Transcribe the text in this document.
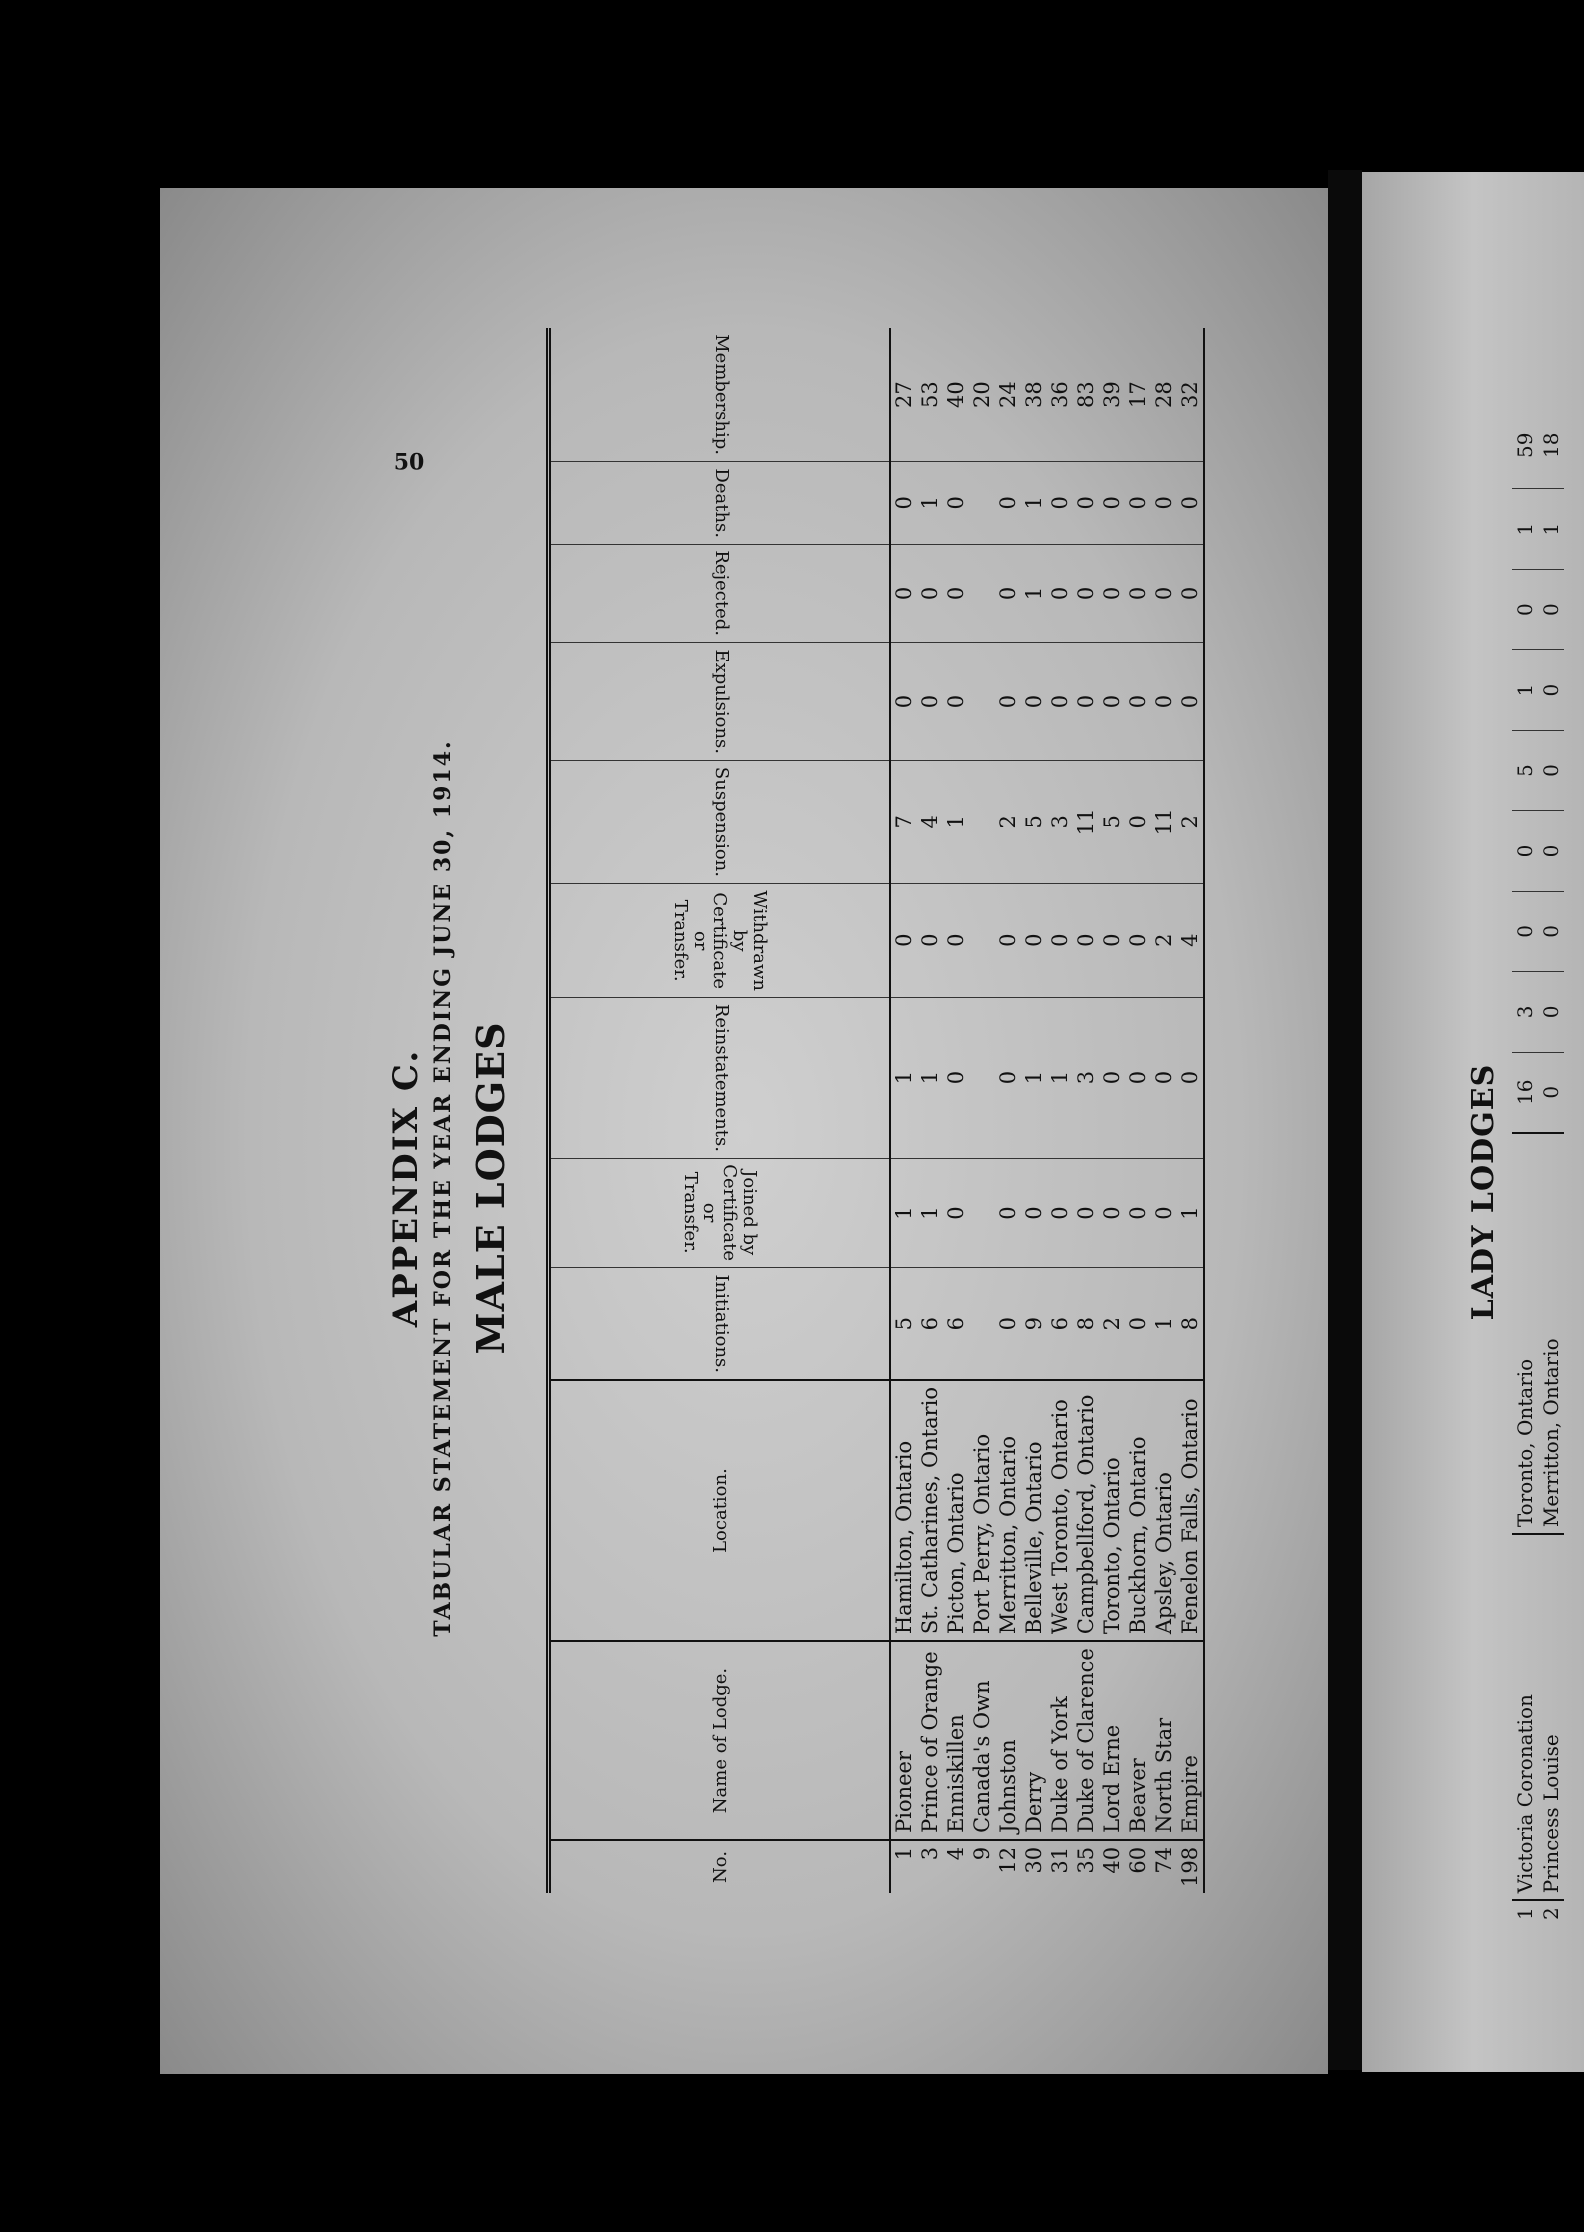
APPENDIX C. TABULAR STATEMENT FOR THE YEAR ENDING JUNE 30, 1914. MALE LODGES
No.	Name of Lodge.	Location.	Initiations.	Joined by Certificate or Transfer.	Reinstatements.	Withdrawn by Certificate or Transfer.	Suspension.	Expulsions.	Rejected.	Deaths.	Membership.
1	Pioneer	Hamilton, Ontario	5	1	1	0	7	0	0	0	27
3	Prince of Orange	St. Catharines, Ontario	6	1	1	0	4	0	0	1	53
4	Enniskillen	Picton, Ontario	6	0	0	0	1	0	0	0	40
9	Canada's Own	Port Perry, Ontario									20
12	Johnston	Merritton, Ontario	0	0	0	0	2	0	0	0	24
30	Derry	Belleville, Ontario	9	0	1	0	5	0	1	1	38
31	Duke of York	West Toronto, Ontario	6	0	1	0	3	0	0	0	36
35	Duke of Clarence	Campbellford, Ontario	8	0	3	0	11	0	0	0	83
40	Lord Erne	Toronto, Ontario	2	0	0	0	5	0	0	0	39
60	Beaver	Buckhorn, Ontario	0	0	0	0	0	0	0	0	17
74	North Star	Apsley, Ontario	1	0	0	2	11	0	0	0	28
198	Empire	Fenelon Falls, Ontario	8	1	0	4	2	0	0	0	32
50
LADY LODGES
1	Victoria Coronation	Toronto, Ontario	16	3	0	0	5	1	0	1	59
2	Princess Louise	Merritton, Ontario	0	0	0	0	0	0	0	1	18
